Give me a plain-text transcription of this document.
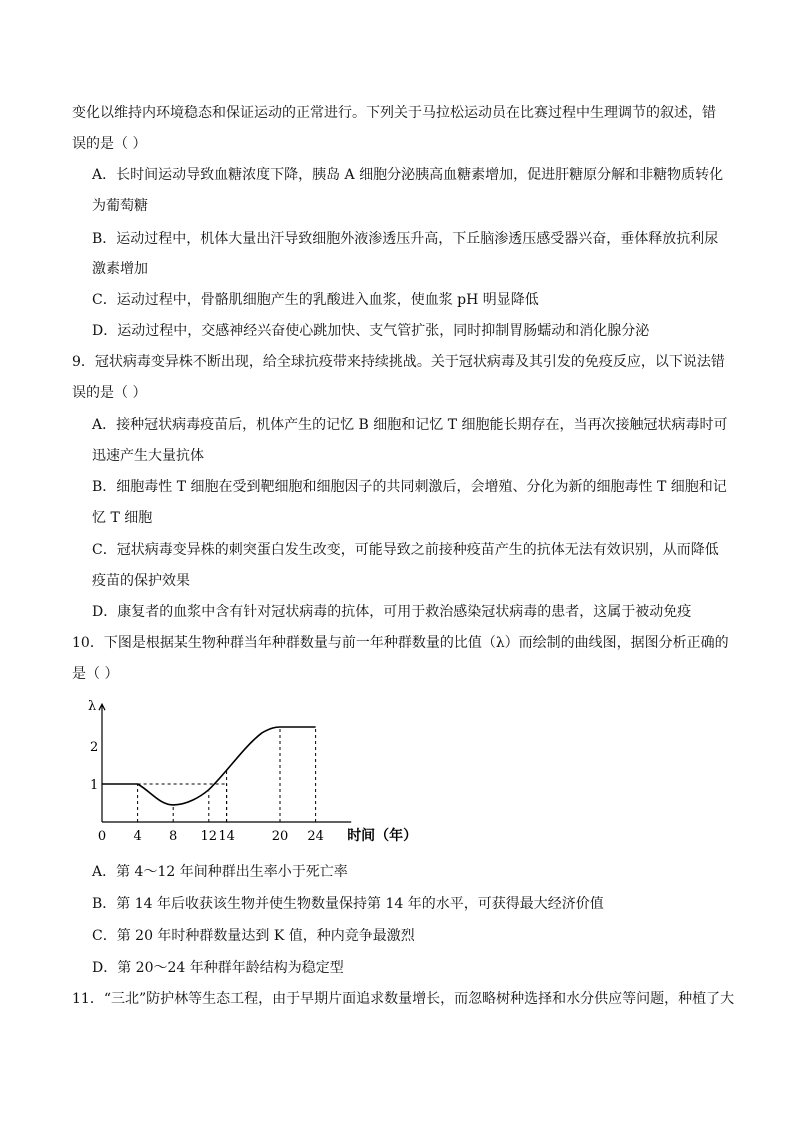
变化以维持内环境稳态和保证运动的正常进行。下列关于马拉松运动员在比赛过程中生理调节的叙述，错
误的是（ ）
A．长时间运动导致血糖浓度下降，胰岛 A 细胞分泌胰高血糖素增加，促进肝糖原分解和非糖物质转化
为葡萄糖
B．运动过程中，机体大量出汗导致细胞外液渗透压升高，下丘脑渗透压感受器兴奋，垂体释放抗利尿
激素增加
C．运动过程中，骨骼肌细胞产生的乳酸进入血浆，使血浆 pH 明显降低
D．运动过程中，交感神经兴奋使心跳加快、支气管扩张，同时抑制胃肠蠕动和消化腺分泌
9．冠状病毒变异株不断出现，给全球抗疫带来持续挑战。关于冠状病毒及其引发的免疫反应，以下说法错
误的是（ ）
A．接种冠状病毒疫苗后，机体产生的记忆 B 细胞和记忆 T 细胞能长期存在，当再次接触冠状病毒时可
迅速产生大量抗体
B．细胞毒性 T 细胞在受到靶细胞和细胞因子的共同刺激后，会增殖、分化为新的细胞毒性 T 细胞和记
忆 T 细胞
C．冠状病毒变异株的刺突蛋白发生改变，可能导致之前接种疫苗产生的抗体无法有效识别，从而降低
疫苗的保护效果
D．康复者的血浆中含有针对冠状病毒的抗体，可用于救治感染冠状病毒的患者，这属于被动免疫
10．下图是根据某生物种群当年种群数量与前一年种群数量的比值（λ）而绘制的曲线图，据图分析正确的
是（ ）
λ
时间（年）
1
2
0 4 8 12 14	20 24
A．第 4～12 年间种群出生率小于死亡率
B．第 14 年后收获该生物并使生物数量保持第 14 年的水平，可获得最大经济价值
C．第 20 年时种群数量达到 K 值，种内竞争最激烈
D．第 20～24 年种群年龄结构为稳定型
11．“三北”防护林等生态工程，由于早期片面追求数量增长，而忽略树种选择和水分供应等问题，种植了大
